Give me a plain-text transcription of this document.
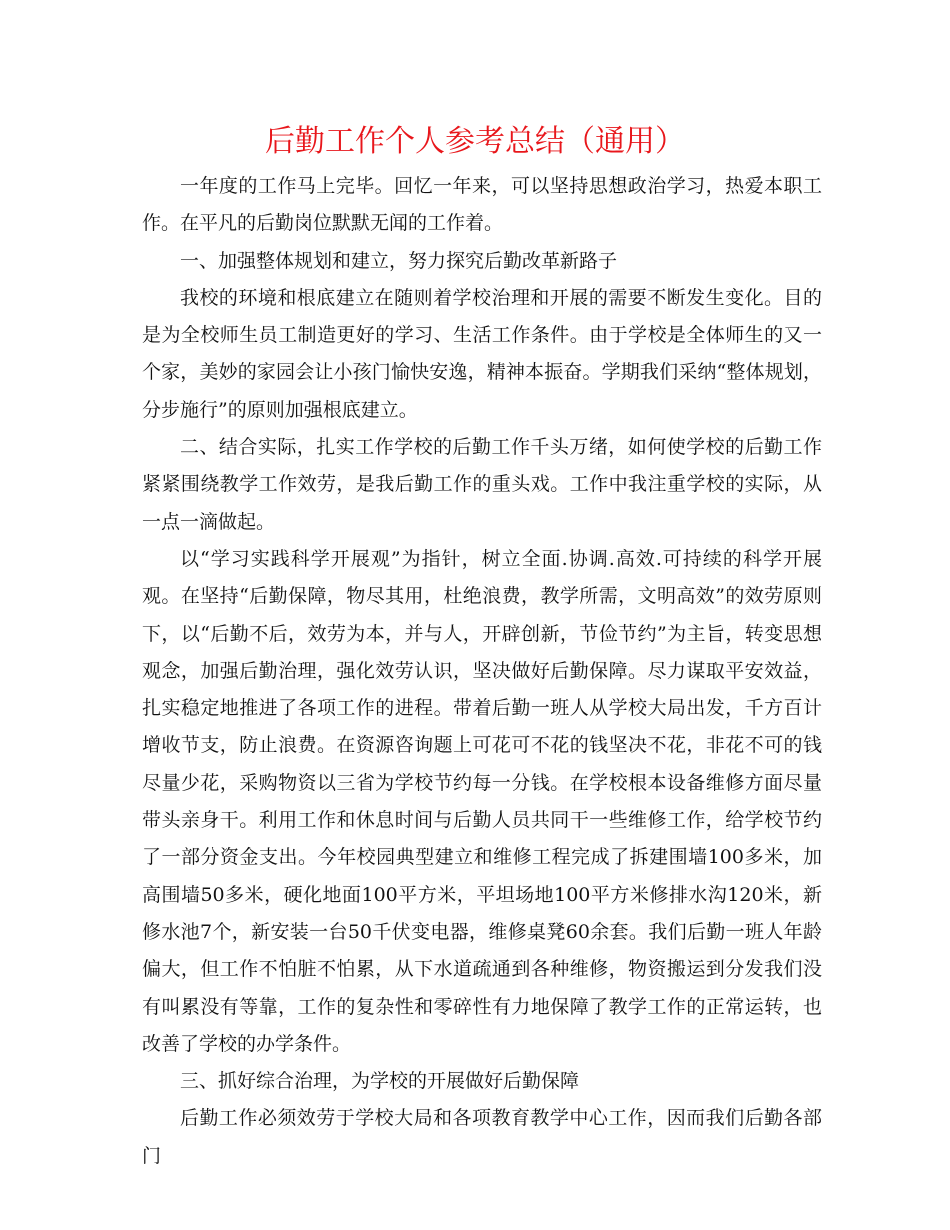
后勤工作个人参考总结（通用）

一年度的工作马上完毕。回忆一年来，可以坚持思想政治学习，热爱本职工作。在平凡的后勤岗位默默无闻的工作着。

一、加强整体规划和建立，努力探究后勤改革新路子

我校的环境和根底建立在随则着学校治理和开展的需要不断发生变化。目的是为全校师生员工制造更好的学习、生活工作条件。由于学校是全体师生的又一个家，美妙的家园会让小孩门愉快安逸，精神本振奋。学期我们采纳“整体规划，分步施行”的原则加强根底建立。

二、结合实际，扎实工作学校的后勤工作千头万绪，如何使学校的后勤工作紧紧围绕教学工作效劳，是我后勤工作的重头戏。工作中我注重学校的实际，从一点一滴做起。

以“学习实践科学开展观”为指针，树立全面.协调.高效.可持续的科学开展观。在坚持“后勤保障，物尽其用，杜绝浪费，教学所需，文明高效”的效劳原则下，以“后勤不后，效劳为本，并与人，开辟创新，节俭节约”为主旨，转变思想观念，加强后勤治理，强化效劳认识，坚决做好后勤保障。尽力谋取平安效益，扎实稳定地推进了各项工作的进程。带着后勤一班人从学校大局出发，千方百计增收节支，防止浪费。在资源咨询题上可花可不花的钱坚决不花，非花不可的钱尽量少花，采购物资以三省为学校节约每一分钱。在学校根本设备维修方面尽量带头亲身干。利用工作和休息时间与后勤人员共同干一些维修工作，给学校节约了一部分资金支出。今年校园典型建立和维修工程完成了拆建围墙100多米，加高围墙50多米，硬化地面100平方米，平坦场地100平方米修排水沟120米，新修水池7个，新安装一台50千伏变电器，维修桌凳60余套。我们后勤一班人年龄偏大，但工作不怕脏不怕累，从下水道疏通到各种维修，物资搬运到分发我们没有叫累没有等靠，工作的复杂性和零碎性有力地保障了教学工作的正常运转，也改善了学校的办学条件。

三、抓好综合治理，为学校的开展做好后勤保障

后勤工作必须效劳于学校大局和各项教育教学中心工作，因而我们后勤各部门
